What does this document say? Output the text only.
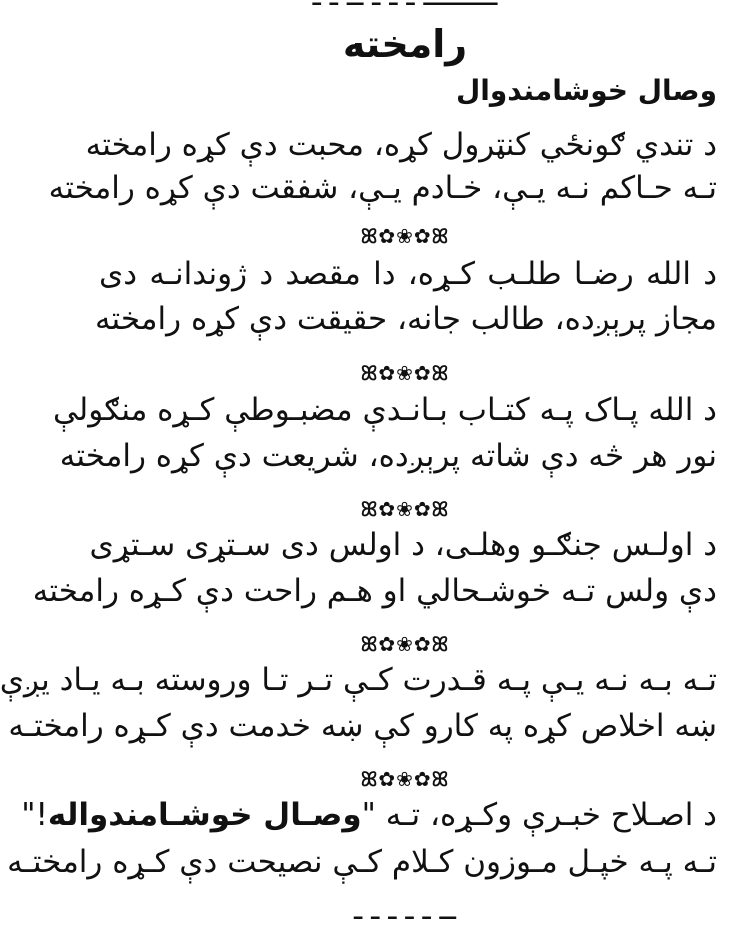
رامخته
وصال خوشامندوال
د تندي ګونځي کنټرول کړه، محبت دې کړه رامخته
تـه حـاکم نـه یـې، خـادم یـې، شفقت دې کړه رامخته
ꕤ✿❀✿ꕤ
د الله رضـا طلـب کـړه، دا مقصد د ژوندانـه دی
مجاز پرېږده، طالب جانه، حقیقت دې کړه رامخته
ꕤ✿❀✿ꕤ
د الله پـاک پـه کتـاب بـانـدې مضبـوطې کـړه منګولې
نور هر څه دې شاته پرېږده، شریعت دې کړه رامخته
ꕤ✿❀✿ꕤ
د اولـس جنګـو وهلـی، د اولس دی سـتړی سـتړی
دې ولس تـه خوشـحالي او هـم راحت دې کـړه رامخته
ꕤ✿❀✿ꕤ
تـه بـه نـه یـې پـه قـدرت کـې تـر تـا وروسته بـه یـاد یږې
ښه اخلاص کړه په کارو کې ښه خدمت دې کـړه رامختـه
ꕤ✿❀✿ꕤ
د اصـلاح خبـرې وکـړه، تـه "وصـال خوشـامندواله!"
تـه پـه خپـل مـوزون کـلام کـې نصیحت دې کـړه رامختـه
ــ ـ ـ ـ ـ ـ
